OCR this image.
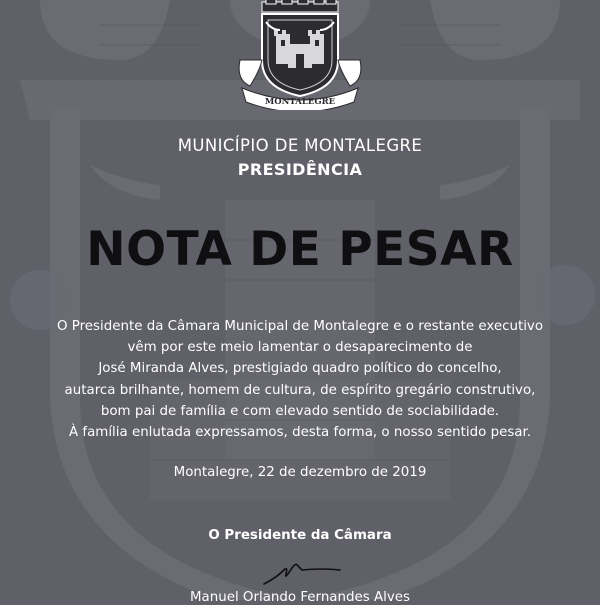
MONTALEGRE
MUNICÍPIO DE MONTALEGRE
PRESIDÊNCIA
NOTA DE PESAR
O Presidente da Câmara Municipal de Montalegre e o restante executivo
vêm por este meio lamentar o desaparecimento de
José Miranda Alves, prestigiado quadro político do concelho,
autarca brilhante, homem de cultura, de espírito gregário construtivo,
bom pai de família e com elevado sentido de sociabilidade.
À família enlutada expressamos, desta forma, o nosso sentido pesar.
Montalegre, 22 de dezembro de 2019
O Presidente da Câmara
Manuel Orlando Fernandes Alves
